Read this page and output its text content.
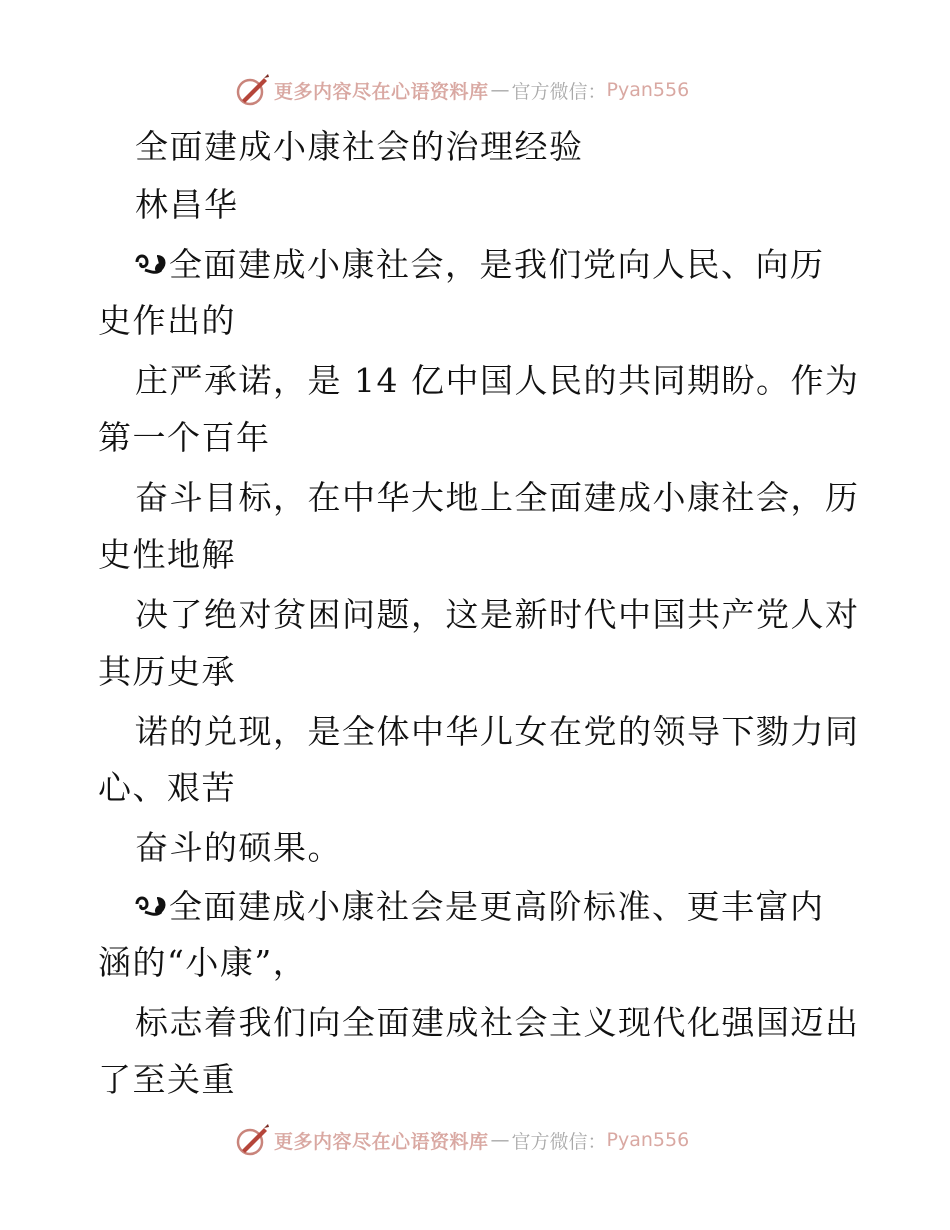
更多内容尽在心语资料库 — 官方微信： Pyan556
全面建成小康社会的治理经验
林昌华
全面建成小康社会，是我们党向人民、向历
史作出的
庄严承诺，是 14 亿中国人民的共同期盼。作为
第一个百年
奋斗目标，在中华大地上全面建成小康社会，历
史性地解
决了绝对贫困问题，这是新时代中国共产党人对
其历史承
诺的兑现，是全体中华儿女在党的领导下勠力同
心、艰苦
奋斗的硕果。
全面建成小康社会是更高阶标准、更丰富内
涵的“小康”，
标志着我们向全面建成社会主义现代化强国迈出
了至关重
更多内容尽在心语资料库 — 官方微信： Pyan556
